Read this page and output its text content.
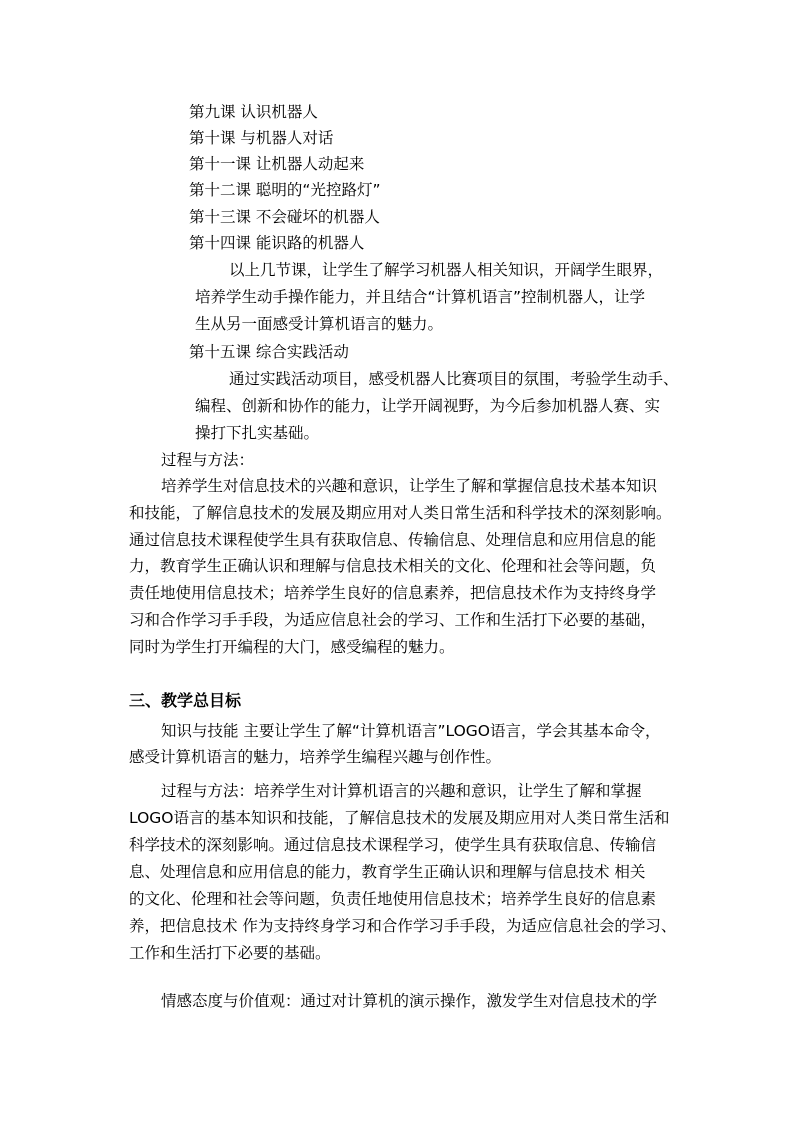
第九课 认识机器人

第十课 与机器人对话

第十一课 让机器人动起来

第十二课 聪明的“光控路灯”

第十三课 不会碰坏的机器人

第十四课 能识路的机器人

以上几节课，让学生了解学习机器人相关知识，开阔学生眼界，

培养学生动手操作能力，并且结合“计算机语言”控制机器人，让学

生从另一面感受计算机语言的魅力。

第十五课 综合实践活动

通过实践活动项目，感受机器人比赛项目的氛围，考验学生动手、

编程、创新和协作的能力，让学开阔视野，为今后参加机器人赛、实

操打下扎实基础。

过程与方法：

培养学生对信息技术的兴趣和意识，让学生了解和掌握信息技术基本知识

和技能，了解信息技术的发展及期应用对人类日常生活和科学技术的深刻影响。

通过信息技术课程使学生具有获取信息、传输信息、处理信息和应用信息的能

力，教育学生正确认识和理解与信息技术相关的文化、伦理和社会等问题，负

责任地使用信息技术；培养学生良好的信息素养，把信息技术作为支持终身学

习和合作学习手手段，为适应信息社会的学习、工作和生活打下必要的基础，

同时为学生打开编程的大门，感受编程的魅力。

三、教学总目标

知识与技能 主要让学生了解“计算机语言”LOGO语言，学会其基本命令，

感受计算机语言的魅力，培养学生编程兴趣与创作性。

过程与方法：培养学生对计算机语言的兴趣和意识，让学生了解和掌握

LOGO语言的基本知识和技能，了解信息技术的发展及期应用对人类日常生活和

科学技术的深刻影响。通过信息技术课程学习，使学生具有获取信息、传输信

息、处理信息和应用信息的能力，教育学生正确认识和理解与信息技术 相关

的文化、伦理和社会等问题，负责任地使用信息技术；培养学生良好的信息素

养，把信息技术 作为支持终身学习和合作学习手手段，为适应信息社会的学习、

工作和生活打下必要的基础。

情感态度与价值观：通过对计算机的演示操作，激发学生对信息技术的学
